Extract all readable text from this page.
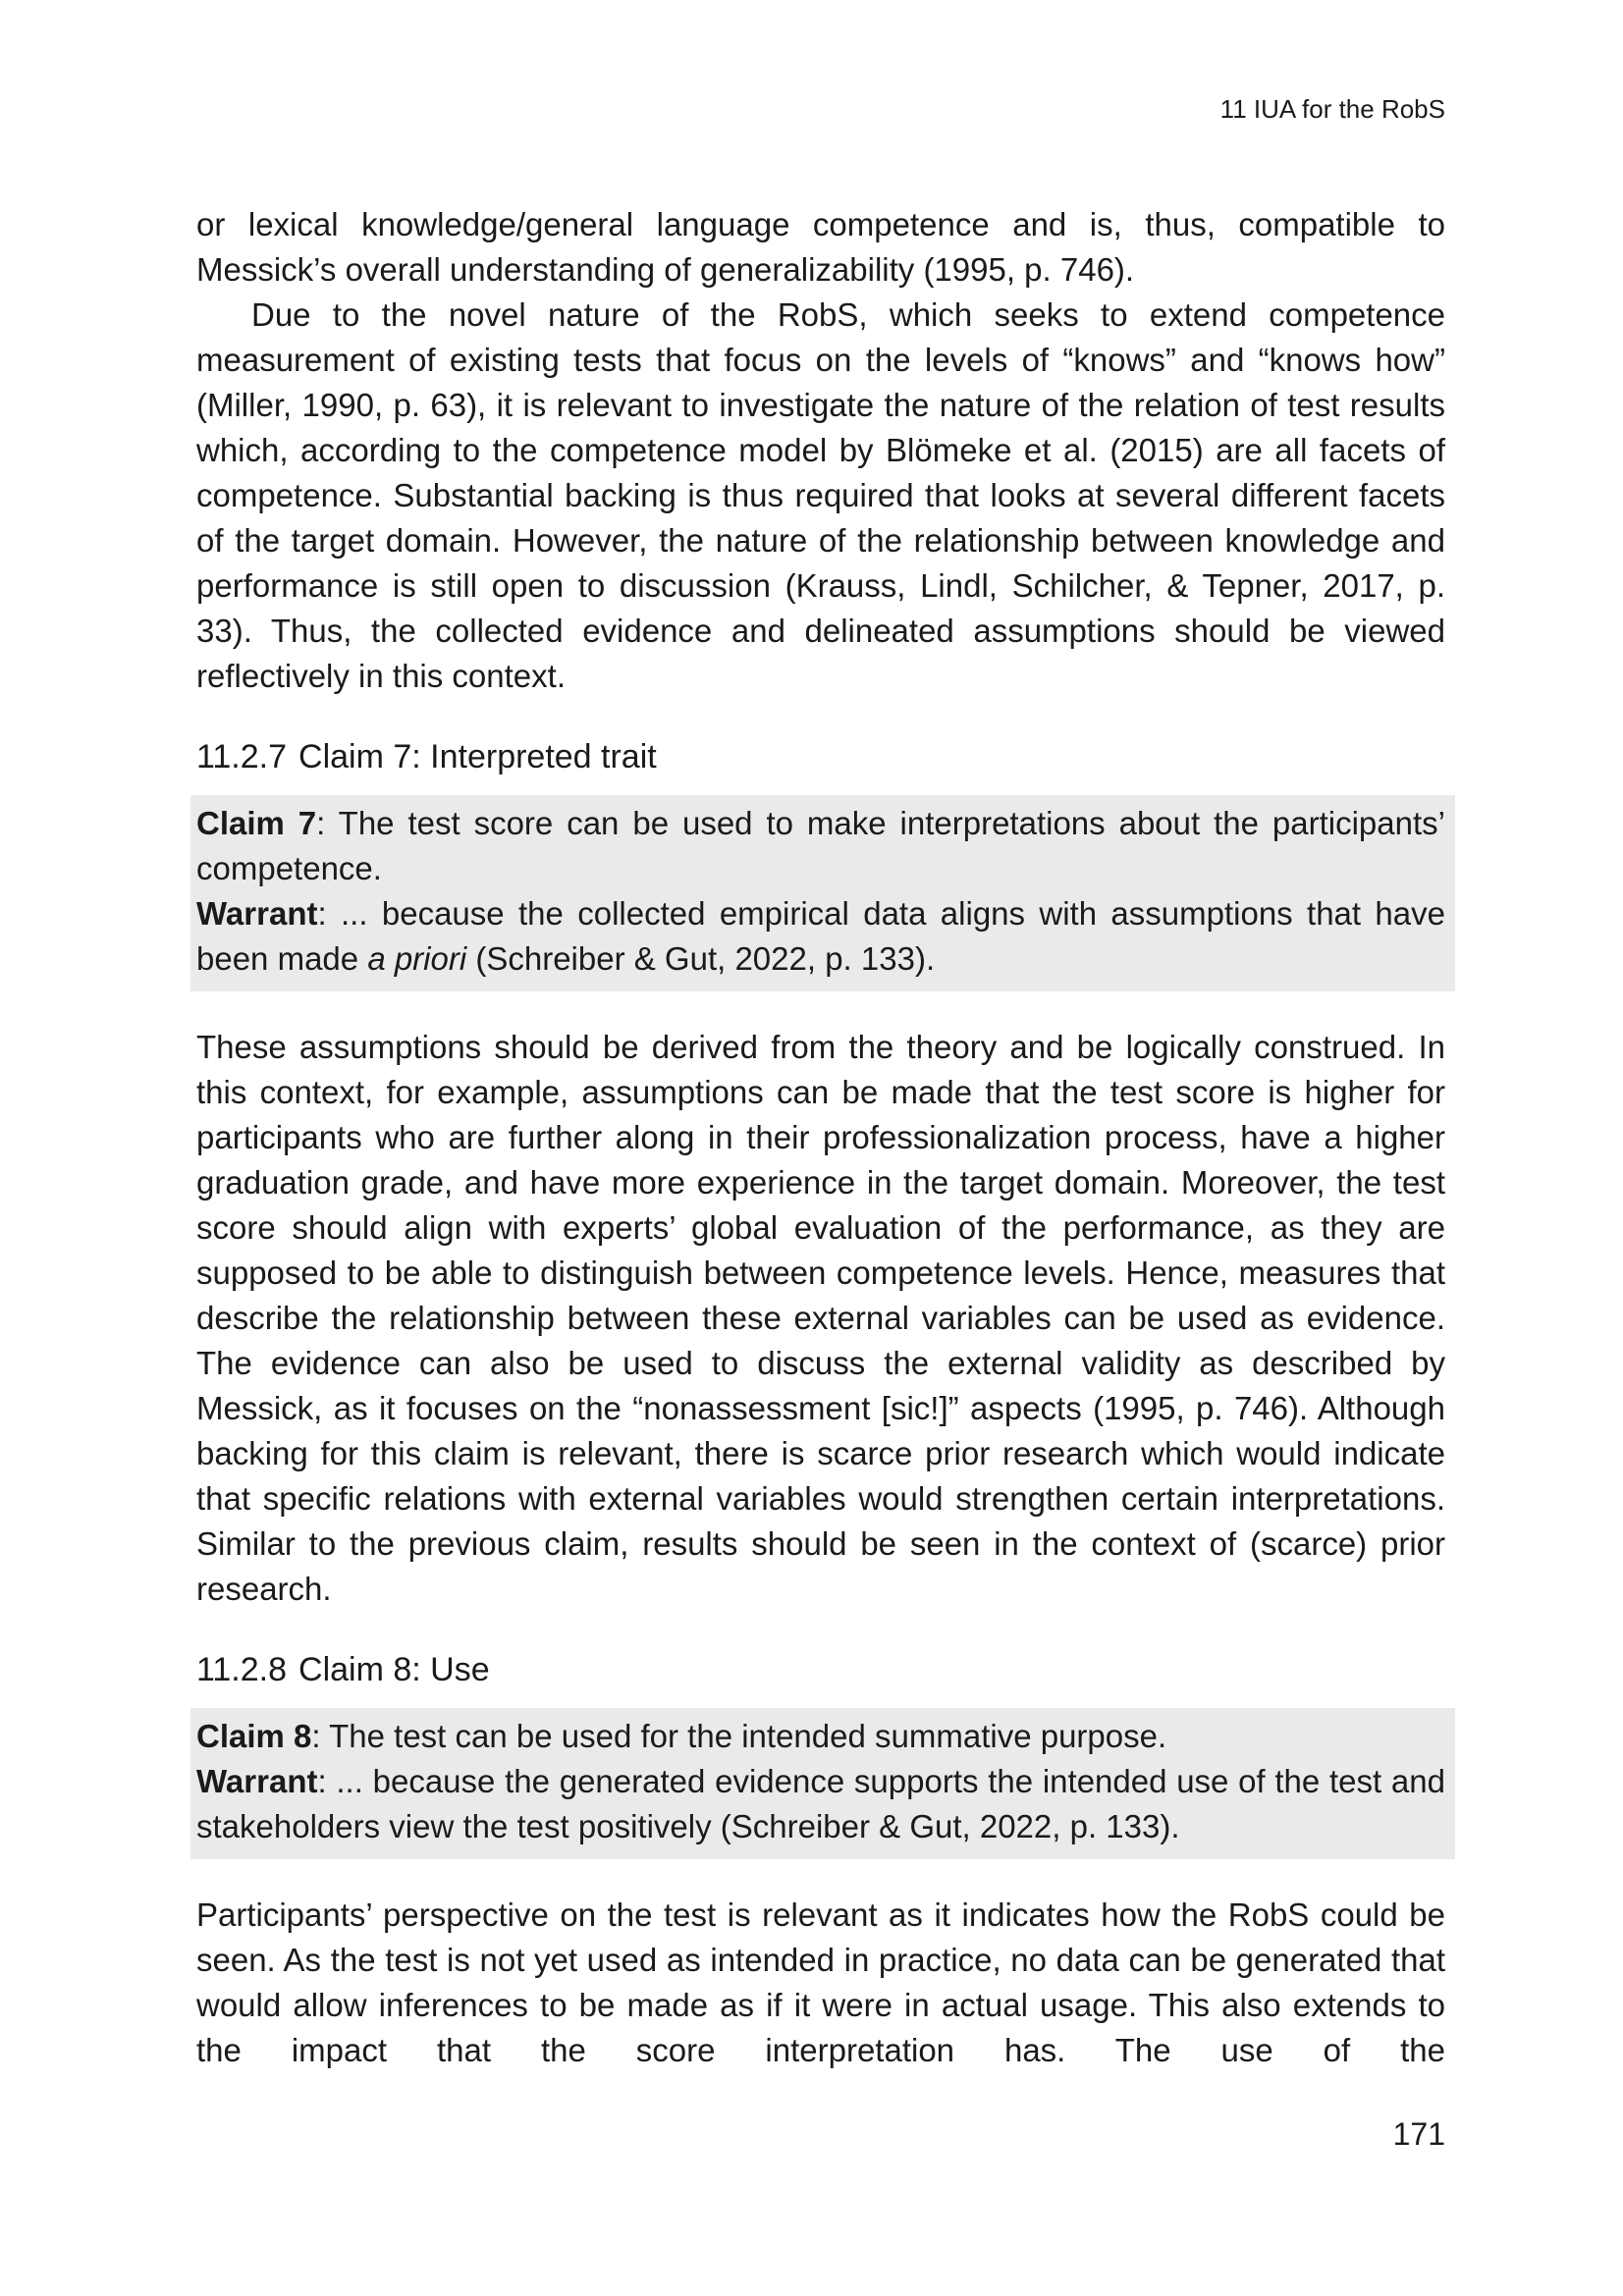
11 IUA for the RobS

or lexical knowledge/general language competence and is, thus, compatible to Messick’s overall understanding of generalizability (1995, p. 746).

Due to the novel nature of the RobS, which seeks to extend competence measurement of existing tests that focus on the levels of “knows” and “knows how” (Miller, 1990, p. 63), it is relevant to investigate the nature of the relation of test results which, according to the competence model by Blömeke et al. (2015) are all facets of competence. Substantial backing is thus required that looks at several different facets of the target domain. However, the nature of the relationship between knowledge and performance is still open to discussion (Krauss, Lindl, Schilcher, & Tepner, 2017, p. 33). Thus, the collected evidence and delineated assumptions should be viewed reflectively in this context.

11.2.7 Claim 7: Interpreted trait

Claim 7: The test score can be used to make interpretations about the participants’ competence.

Warrant: ... because the collected empirical data aligns with assumptions that have been made a priori (Schreiber & Gut, 2022, p. 133).

These assumptions should be derived from the theory and be logically construed. In this context, for example, assumptions can be made that the test score is higher for participants who are further along in their professionalization process, have a higher graduation grade, and have more experience in the target domain. Moreover, the test score should align with experts’ global evaluation of the performance, as they are supposed to be able to distinguish between competence levels. Hence, measures that describe the relationship between these external variables can be used as evidence. The evidence can also be used to discuss the external validity as described by Messick, as it focuses on the “nonassessment [sic!]” aspects (1995, p. 746). Although backing for this claim is relevant, there is scarce prior research which would indicate that specific relations with external variables would strengthen certain interpretations. Similar to the previous claim, results should be seen in the context of (scarce) prior research.

11.2.8 Claim 8: Use

Claim 8: The test can be used for the intended summative purpose.

Warrant: ... because the generated evidence supports the intended use of the test and stakeholders view the test positively (Schreiber & Gut, 2022, p. 133).

Participants’ perspective on the test is relevant as it indicates how the RobS could be seen. As the test is not yet used as intended in practice, no data can be generated that would allow inferences to be made as if it were in actual usage. This also extends to the impact that the score interpretation has. The use of the

171
